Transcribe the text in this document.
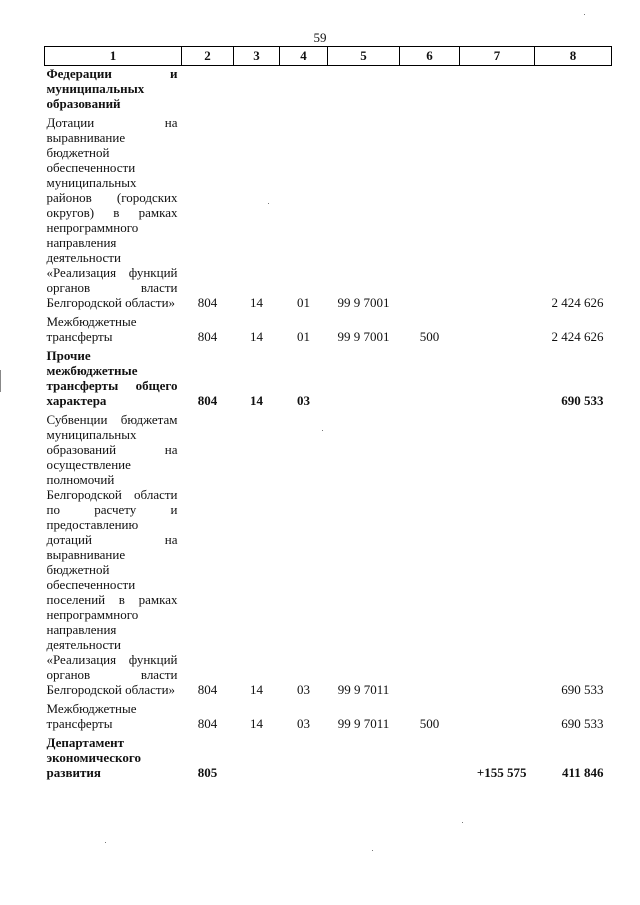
59
1	2	3	4	5	6	7	8
Федерации и муниципальных образований							

Дотации на выравнивание бюджетной обеспеченности муниципальных районов (городских округов) в рамках непрограммного направления деятельности «Реализация функций органов власти Белгородской области»	804	14	01	99 9 7001			2 424 626

Межбюджетные трансферты	804	14	01	99 9 7001	500		2 424 626

Прочие межбюджетные трансферты общего характера	804	14	03				690 533

Субвенции бюджетам муниципальных образований на осуществление полномочий Белгородской области по расчету и предоставлению дотаций на выравнивание бюджетной обеспеченности поселений в рамках непрограммного направления деятельности «Реализация функций органов власти Белгородской области»	804	14	03	99 9 7011			690 533

Межбюджетные трансферты	804	14	03	99 9 7011	500		690 533

Департамент экономического развития	805					+155 575	411 846
